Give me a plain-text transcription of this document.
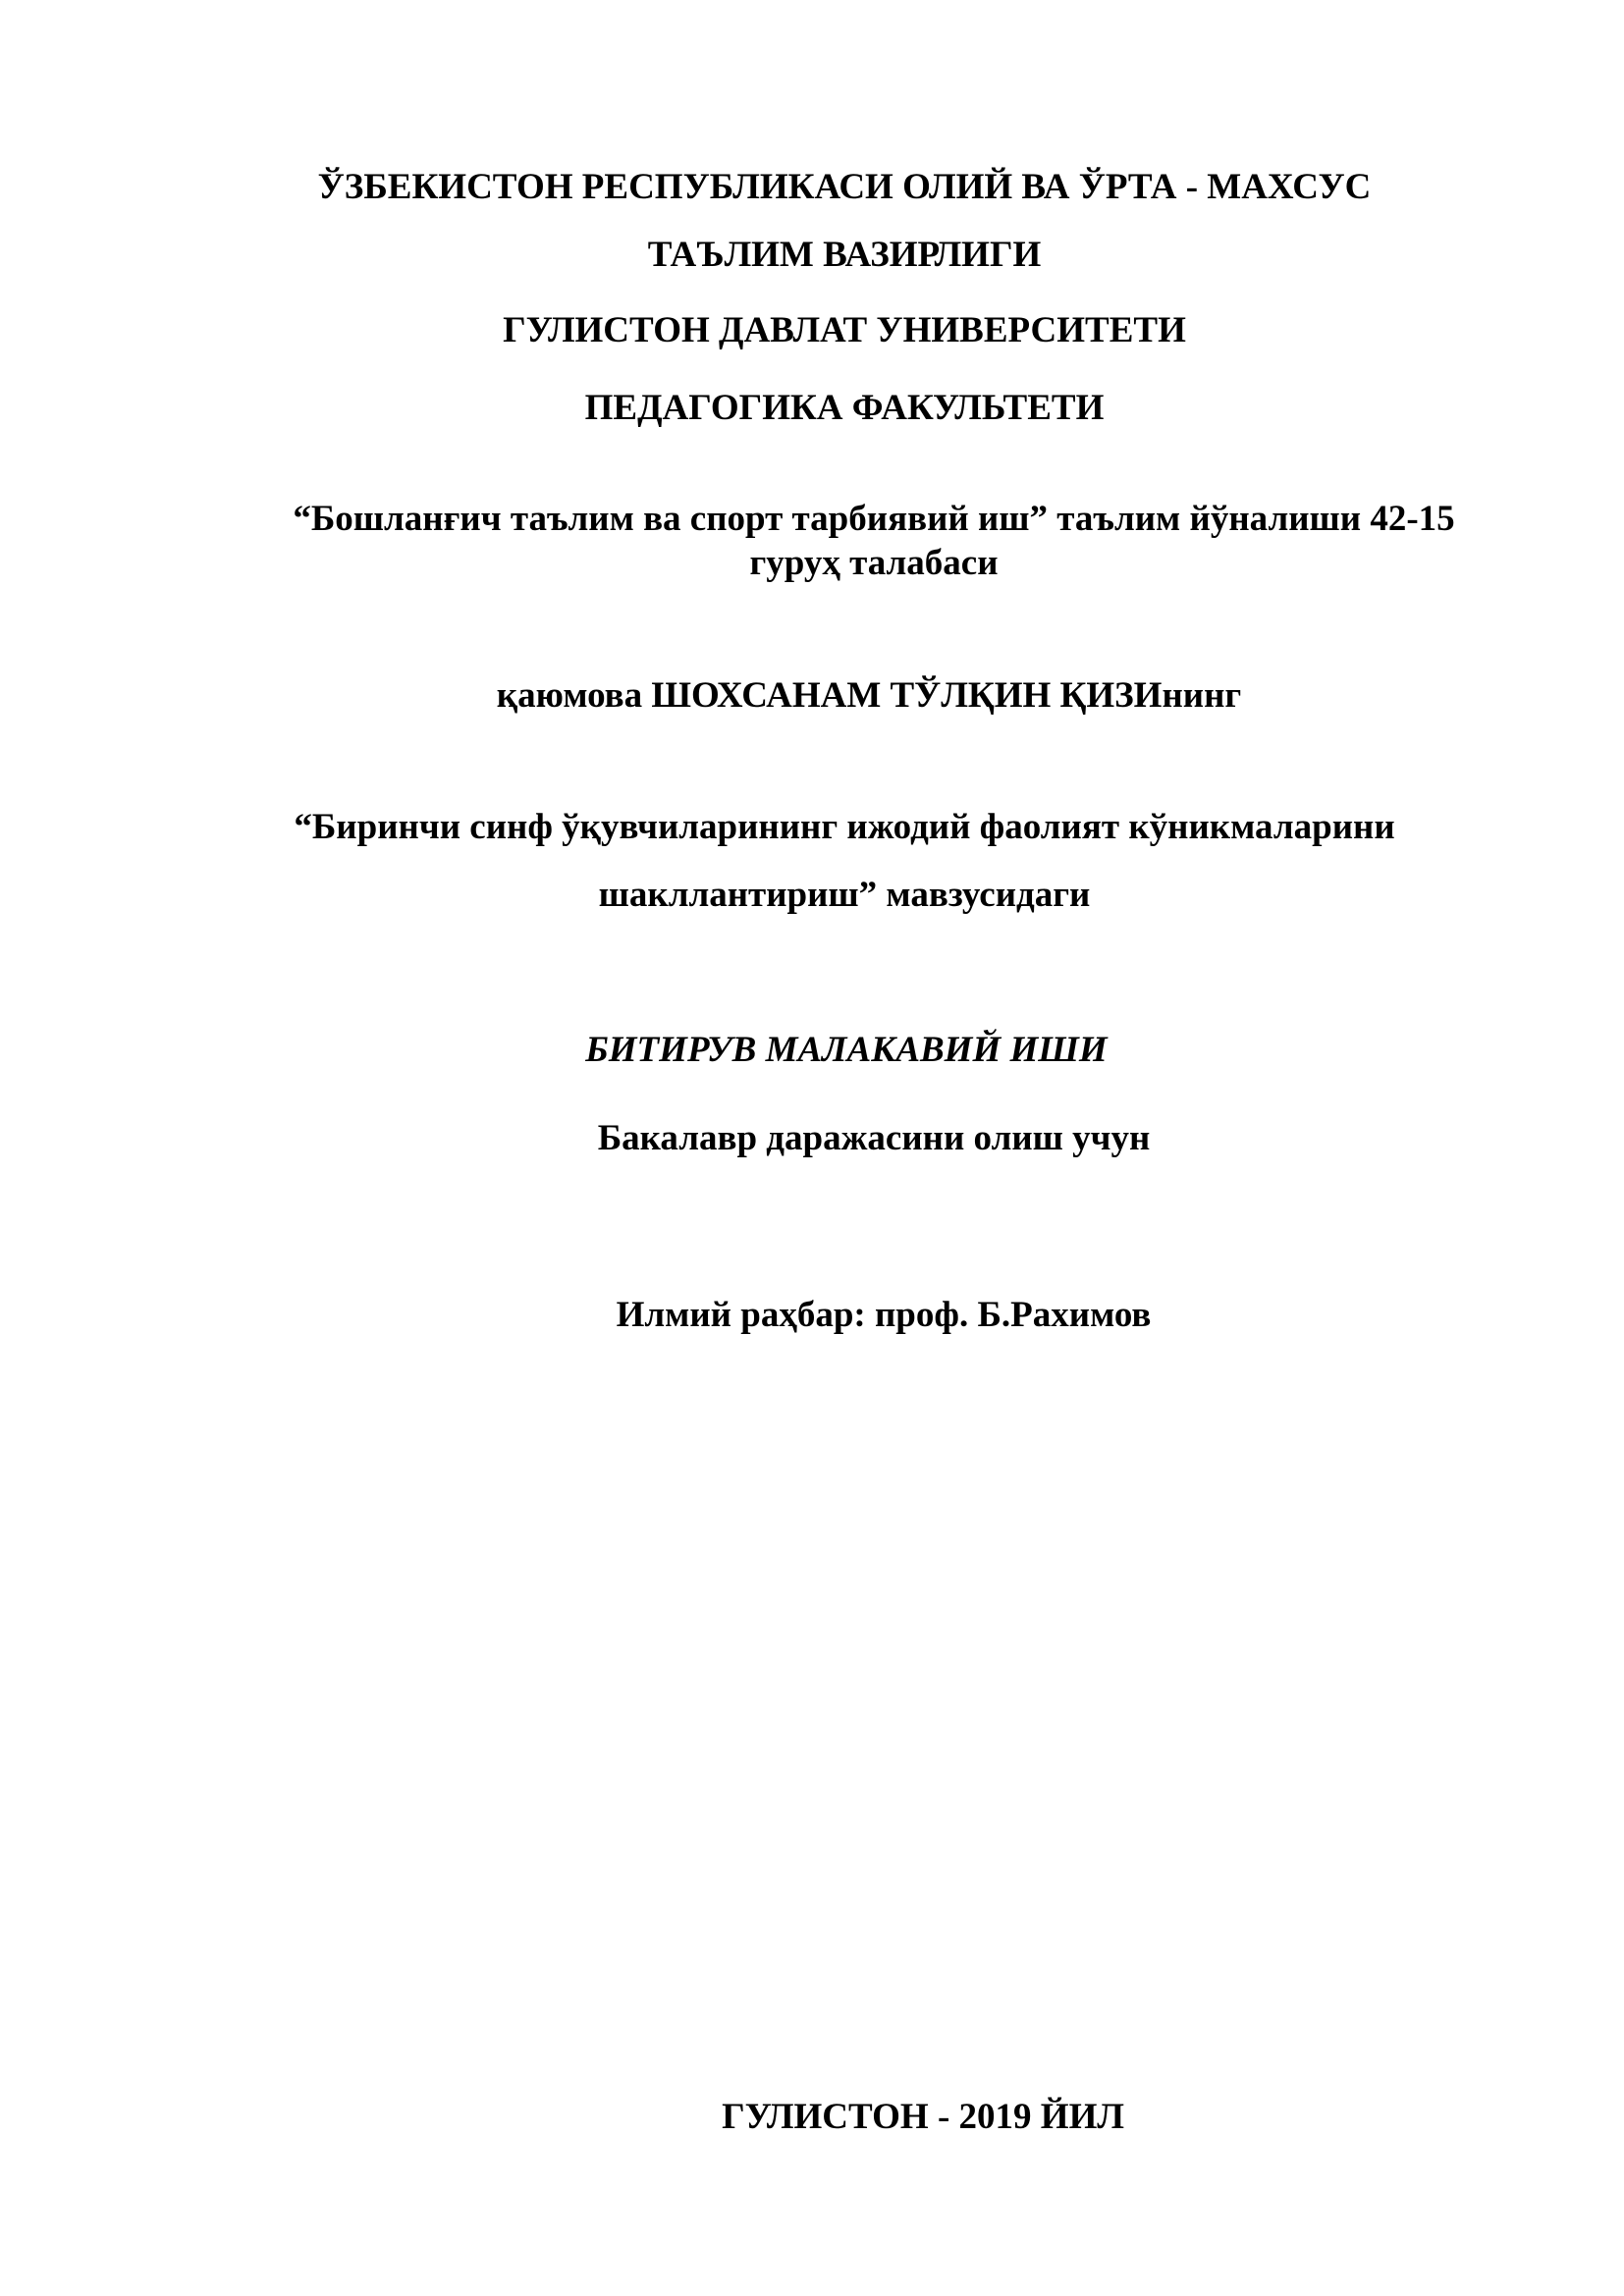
ЎЗБЕКИСТОН РЕСПУБЛИКАСИ ОЛИЙ ВА ЎРТА - МАХСУС
ТАЪЛИМ ВАЗИРЛИГИ
ГУЛИСТОН ДАВЛАТ УНИВЕРСИТЕТИ
ПЕДАГОГИКА ФАКУЛЬТЕТИ
“Бошланғич таълим ва спорт тарбиявий иш” таълим йўналиши 42-15
гуруҳ талабаси
қаюмова ШОХСАНАМ ТЎЛҚИН ҚИЗИнинг
“Биринчи синф ўқувчиларининг ижодий фаолият кўникмаларини
шакллантириш” мавзусидаги
БИТИРУВ МАЛАКАВИЙ ИШИ
Бакалавр даражасини олиш учун
Илмий раҳбар: проф. Б.Рахимов
ГУЛИСТОН - 2019 ЙИЛ
